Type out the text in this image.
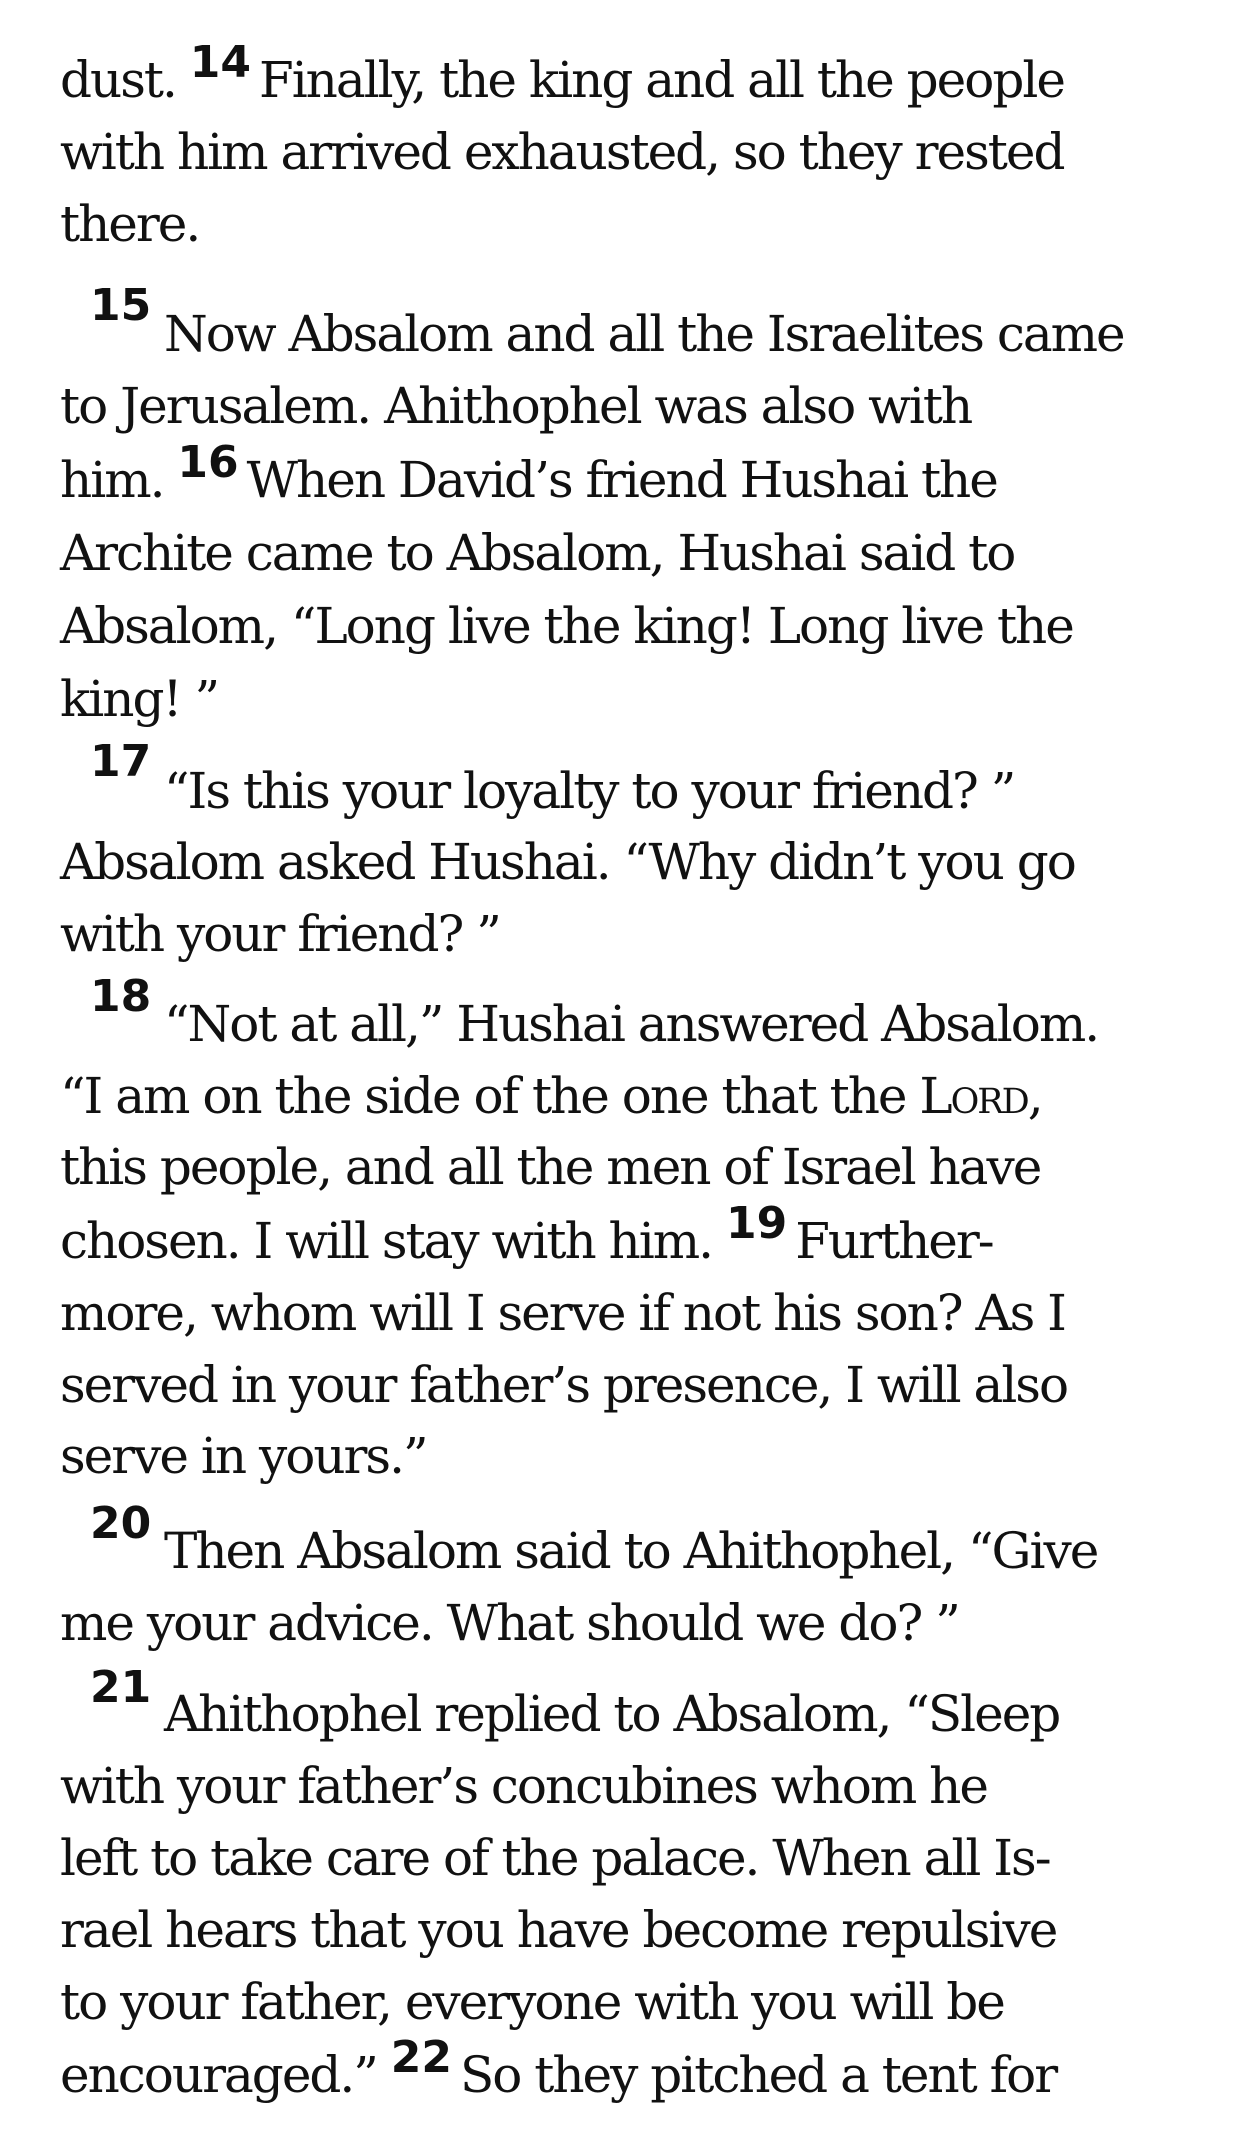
dust. 14 Finally, the king and all the people
with him arrived exhausted, so they rested
there.
15 Now Absalom and all the Israelites came
to Jerusalem. Ahithophel was also with
him. 16 When David’s friend Hushai the
Archite came to Absalom, Hushai said to
Absalom, “Long live the king! Long live the
king! ”
17
“Is this your loyalty to your friend? ”
Absalom asked Hushai. “Why didn’t you go
with your friend? ”
18 “Not at all,” Hushai answered Absalom.
“I am on the side of the one that the Lord,
this people, and all the men of Israel have
chosen. I will stay with him. 19 Further-
more, whom will I serve if not his son? As I
served in your father’s presence, I will also
serve in yours.”
20 Then Absalom said to Ahithophel, “Give
me your advice. What should we do? ”
21 Ahithophel replied to Absalom, “Sleep
with your father’s concubines whom he
left to take care of the palace. When all Is-
rael hears that you have become repulsive
to your father, everyone with you will be
encouraged.” 22 So they pitched a tent for
